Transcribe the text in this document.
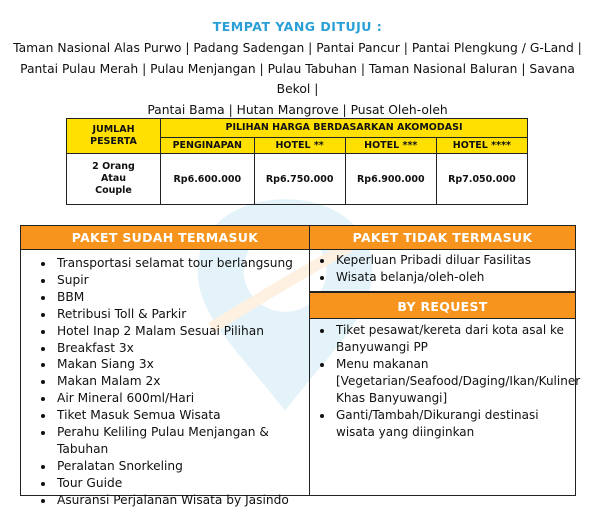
TEMPAT YANG DITUJU :
Taman Nasional Alas Purwo | Padang Sadengan | Pantai Pancur | Pantai Plengkung / G-Land |
Pantai Pulau Merah | Pulau Menjangan | Pulau Tabuhan | Taman Nasional Baluran | Savana Bekol |
Pantai Bama | Hutan Mangrove | Pusat Oleh-oleh
JUMLAH
PESERTA	PILIHAN HARGA BERDASARKAN AKOMODASI			
	PENGINAPAN	HOTEL **	HOTEL ***	HOTEL ****

2 Orang
Atau
Couple	Rp6.600.000	Rp6.750.000	Rp6.900.000	Rp7.050.000
PAKET SUDAH TERMASUK
• Transportasi selamat tour berlangsung
• Supir
• BBM
• Retribusi Toll & Parkir
• Hotel Inap 2 Malam Sesuai Pilihan
• Breakfast 3x
• Makan Siang 3x
• Makan Malam 2x
• Air Mineral 600ml/Hari
• Tiket Masuk Semua Wisata
• Perahu Keliling Pulau Menjangan & Tabuhan
• Peralatan Snorkeling
• Tour Guide
• Asuransi Perjalanan Wisata by Jasindo
PAKET TIDAK TERMASUK
• Keperluan Pribadi diluar Fasilitas
• Wisata belanja/oleh-oleh
BY REQUEST
• Tiket pesawat/kereta dari kota asal ke Banyuwangi PP
• Menu makanan [Vegetarian/Seafood/Daging/Ikan/Kuliner Khas Banyuwangi]
• Ganti/Tambah/Dikurangi destinasi wisata yang diinginkan
